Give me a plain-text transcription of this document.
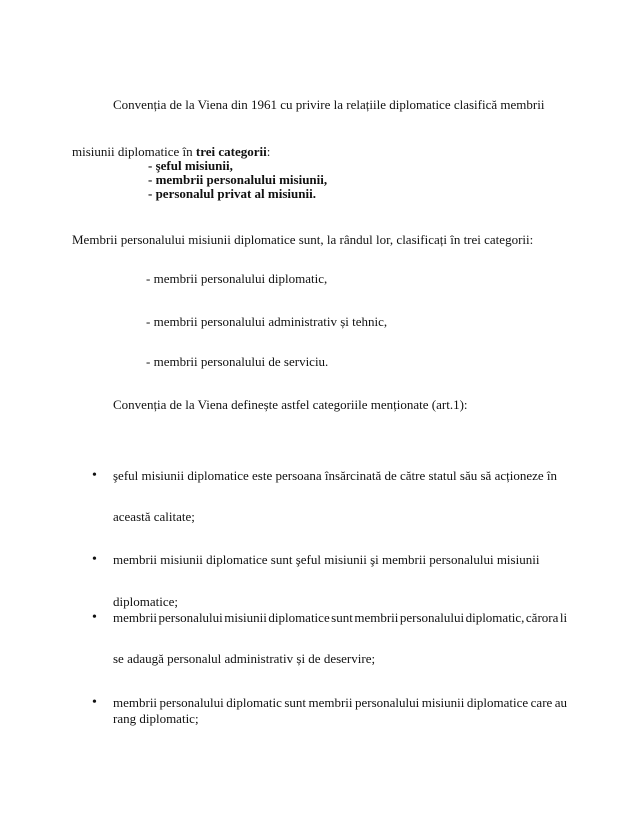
Convenția de la Viena din 1961 cu privire la relațiile diplomatice clasifică membrii
misiunii diplomatice în trei categorii:
- şeful misiunii,
- membrii personalului misiunii,
- personalul privat al misiunii.
Membrii personalului misiunii diplomatice sunt, la rândul lor, clasificați în trei categorii:
- membrii personalului diplomatic,
- membrii personalului administrativ și tehnic,
- membrii personalului de serviciu.
Convenția de la Viena definește astfel categoriile menționate (art.1):
• şeful misiunii diplomatice este persoana însărcinată de către statul său să acționeze în
această calitate;
• membrii misiunii diplomatice sunt şeful misiunii şi membrii personalului misiunii
diplomatice;
• membrii personalului misiunii diplomatice sunt membrii personalului diplomatic, cărora li
se adaugă personalul administrativ și de deservire;
• membrii personalului diplomatic sunt membrii personalului misiunii diplomatice care au
rang diplomatic;
